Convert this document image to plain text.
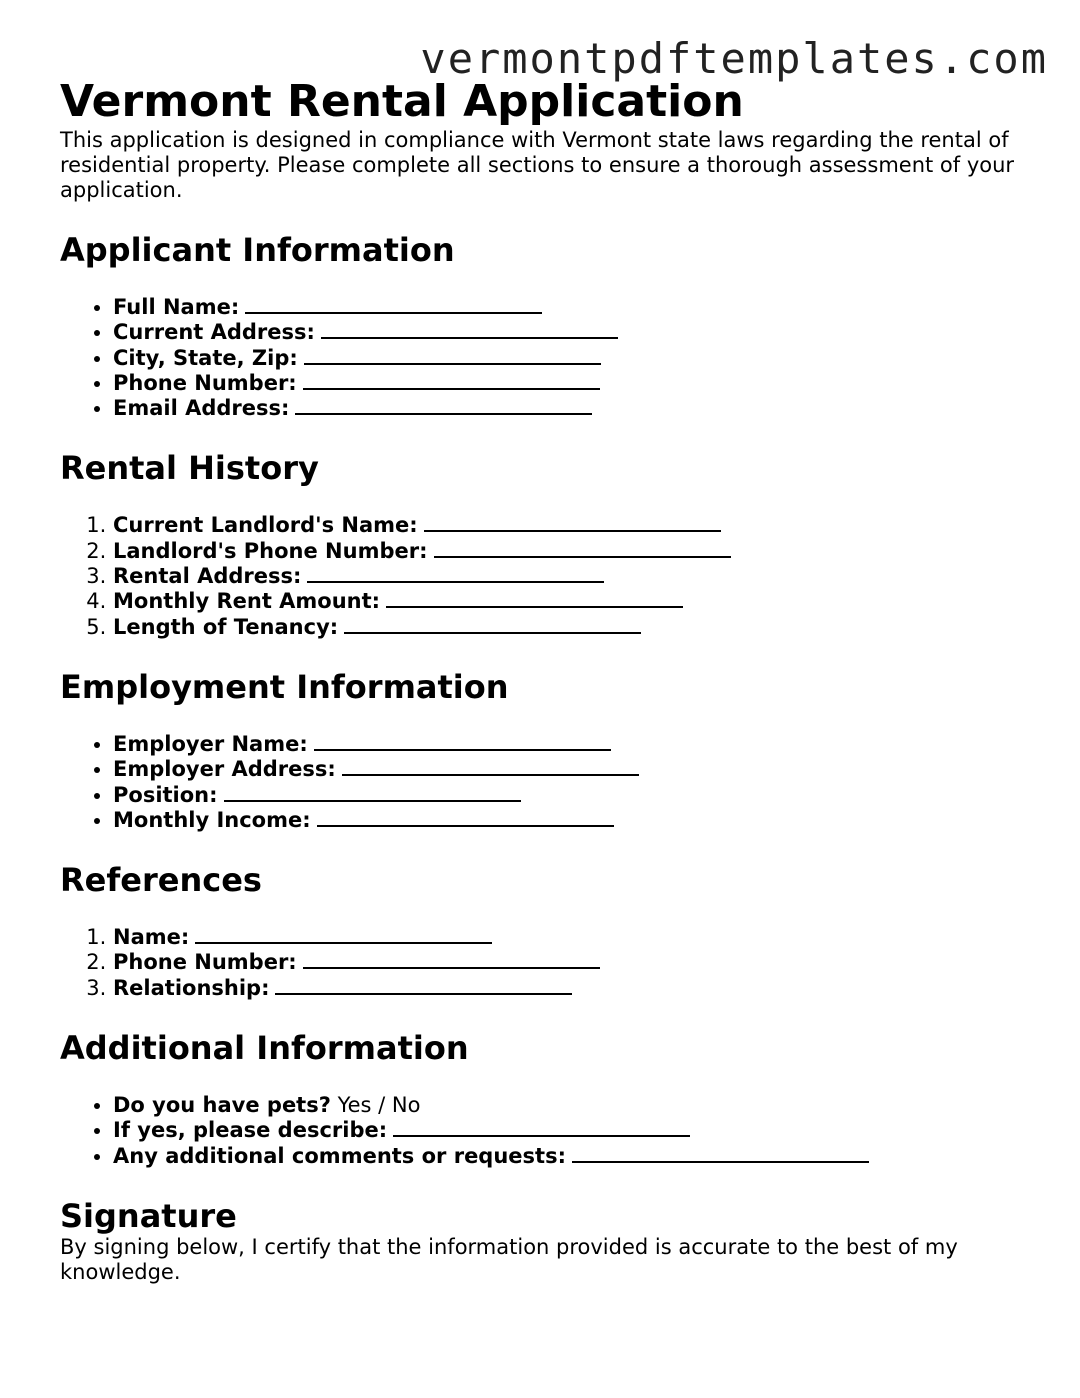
vermontpdftemplates.com
Vermont Rental Application

This application is designed in compliance with Vermont state laws regarding the rental of residential property. Please complete all sections to ensure a thorough assessment of your application.

Applicant Information
• Full Name:
• Current Address:
• City, State, Zip:
• Phone Number:
• Email Address:
Rental History
1. Current Landlord's Name:
2. Landlord's Phone Number:
3. Rental Address:
4. Monthly Rent Amount:
5. Length of Tenancy:
Employment Information
• Employer Name:
• Employer Address:
• Position:
• Monthly Income:
References
1. Name:
2. Phone Number:
3. Relationship:
Additional Information
• Do you have pets? Yes / No
• If yes, please describe:
• Any additional comments or requests:
Signature

By signing below, I certify that the information provided is accurate to the best of my knowledge.
